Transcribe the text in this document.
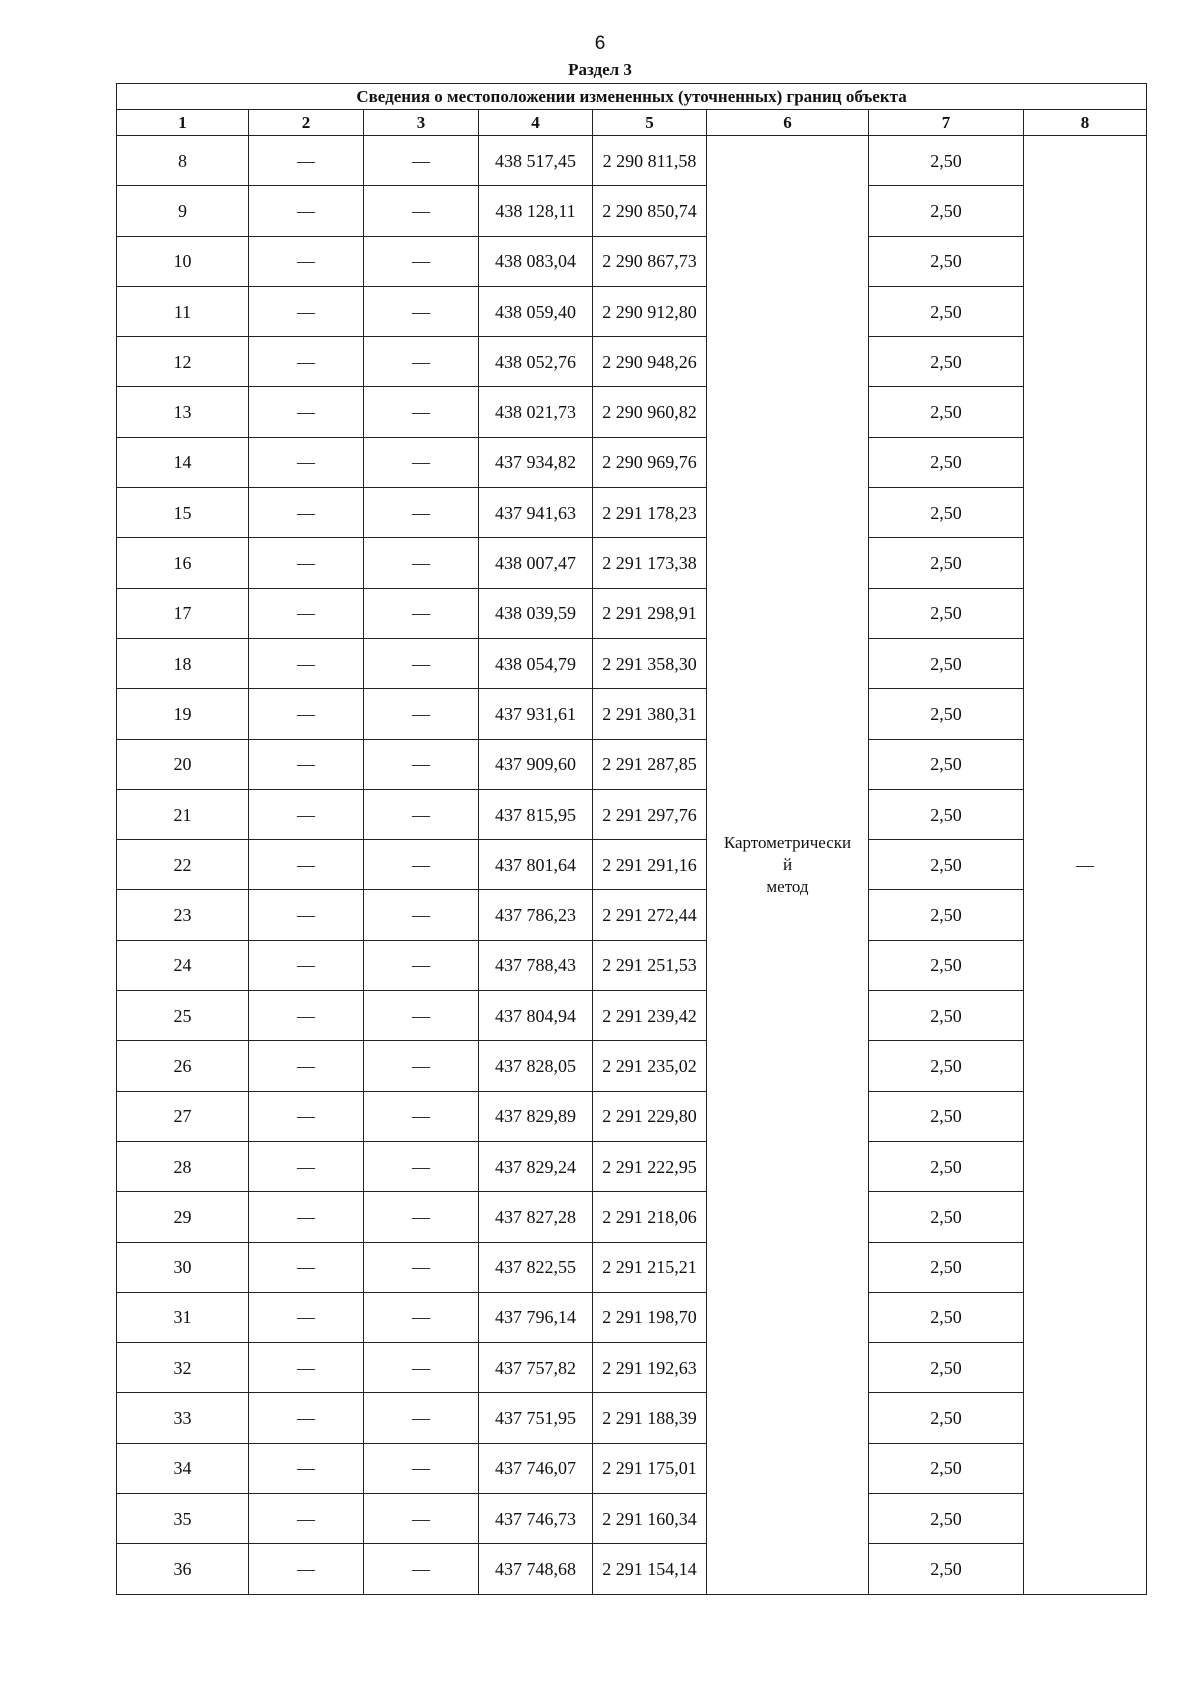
6
Раздел 3
Сведения о местоположении измененных (уточненных) границ объекта							
1	2	3	4	5	6	7	8
8	—	—	438 517,45	2 290 811,58	Картометрически
й
метод	2,50	—
9	—	—	438 128,11	2 290 850,74		2,50	
10	—	—	438 083,04	2 290 867,73		2,50	
11	—	—	438 059,40	2 290 912,80		2,50	
12	—	—	438 052,76	2 290 948,26		2,50	
13	—	—	438 021,73	2 290 960,82		2,50	
14	—	—	437 934,82	2 290 969,76		2,50	
15	—	—	437 941,63	2 291 178,23		2,50	
16	—	—	438 007,47	2 291 173,38		2,50	
17	—	—	438 039,59	2 291 298,91		2,50	
18	—	—	438 054,79	2 291 358,30		2,50	
19	—	—	437 931,61	2 291 380,31		2,50	
20	—	—	437 909,60	2 291 287,85		2,50	
21	—	—	437 815,95	2 291 297,76		2,50	
22	—	—	437 801,64	2 291 291,16		2,50	
23	—	—	437 786,23	2 291 272,44		2,50	
24	—	—	437 788,43	2 291 251,53		2,50	
25	—	—	437 804,94	2 291 239,42		2,50	
26	—	—	437 828,05	2 291 235,02		2,50	
27	—	—	437 829,89	2 291 229,80		2,50	
28	—	—	437 829,24	2 291 222,95		2,50	
29	—	—	437 827,28	2 291 218,06		2,50	
30	—	—	437 822,55	2 291 215,21		2,50	
31	—	—	437 796,14	2 291 198,70		2,50	
32	—	—	437 757,82	2 291 192,63		2,50	
33	—	—	437 751,95	2 291 188,39		2,50	
34	—	—	437 746,07	2 291 175,01		2,50	
35	—	—	437 746,73	2 291 160,34		2,50	
36	—	—	437 748,68	2 291 154,14		2,50	
